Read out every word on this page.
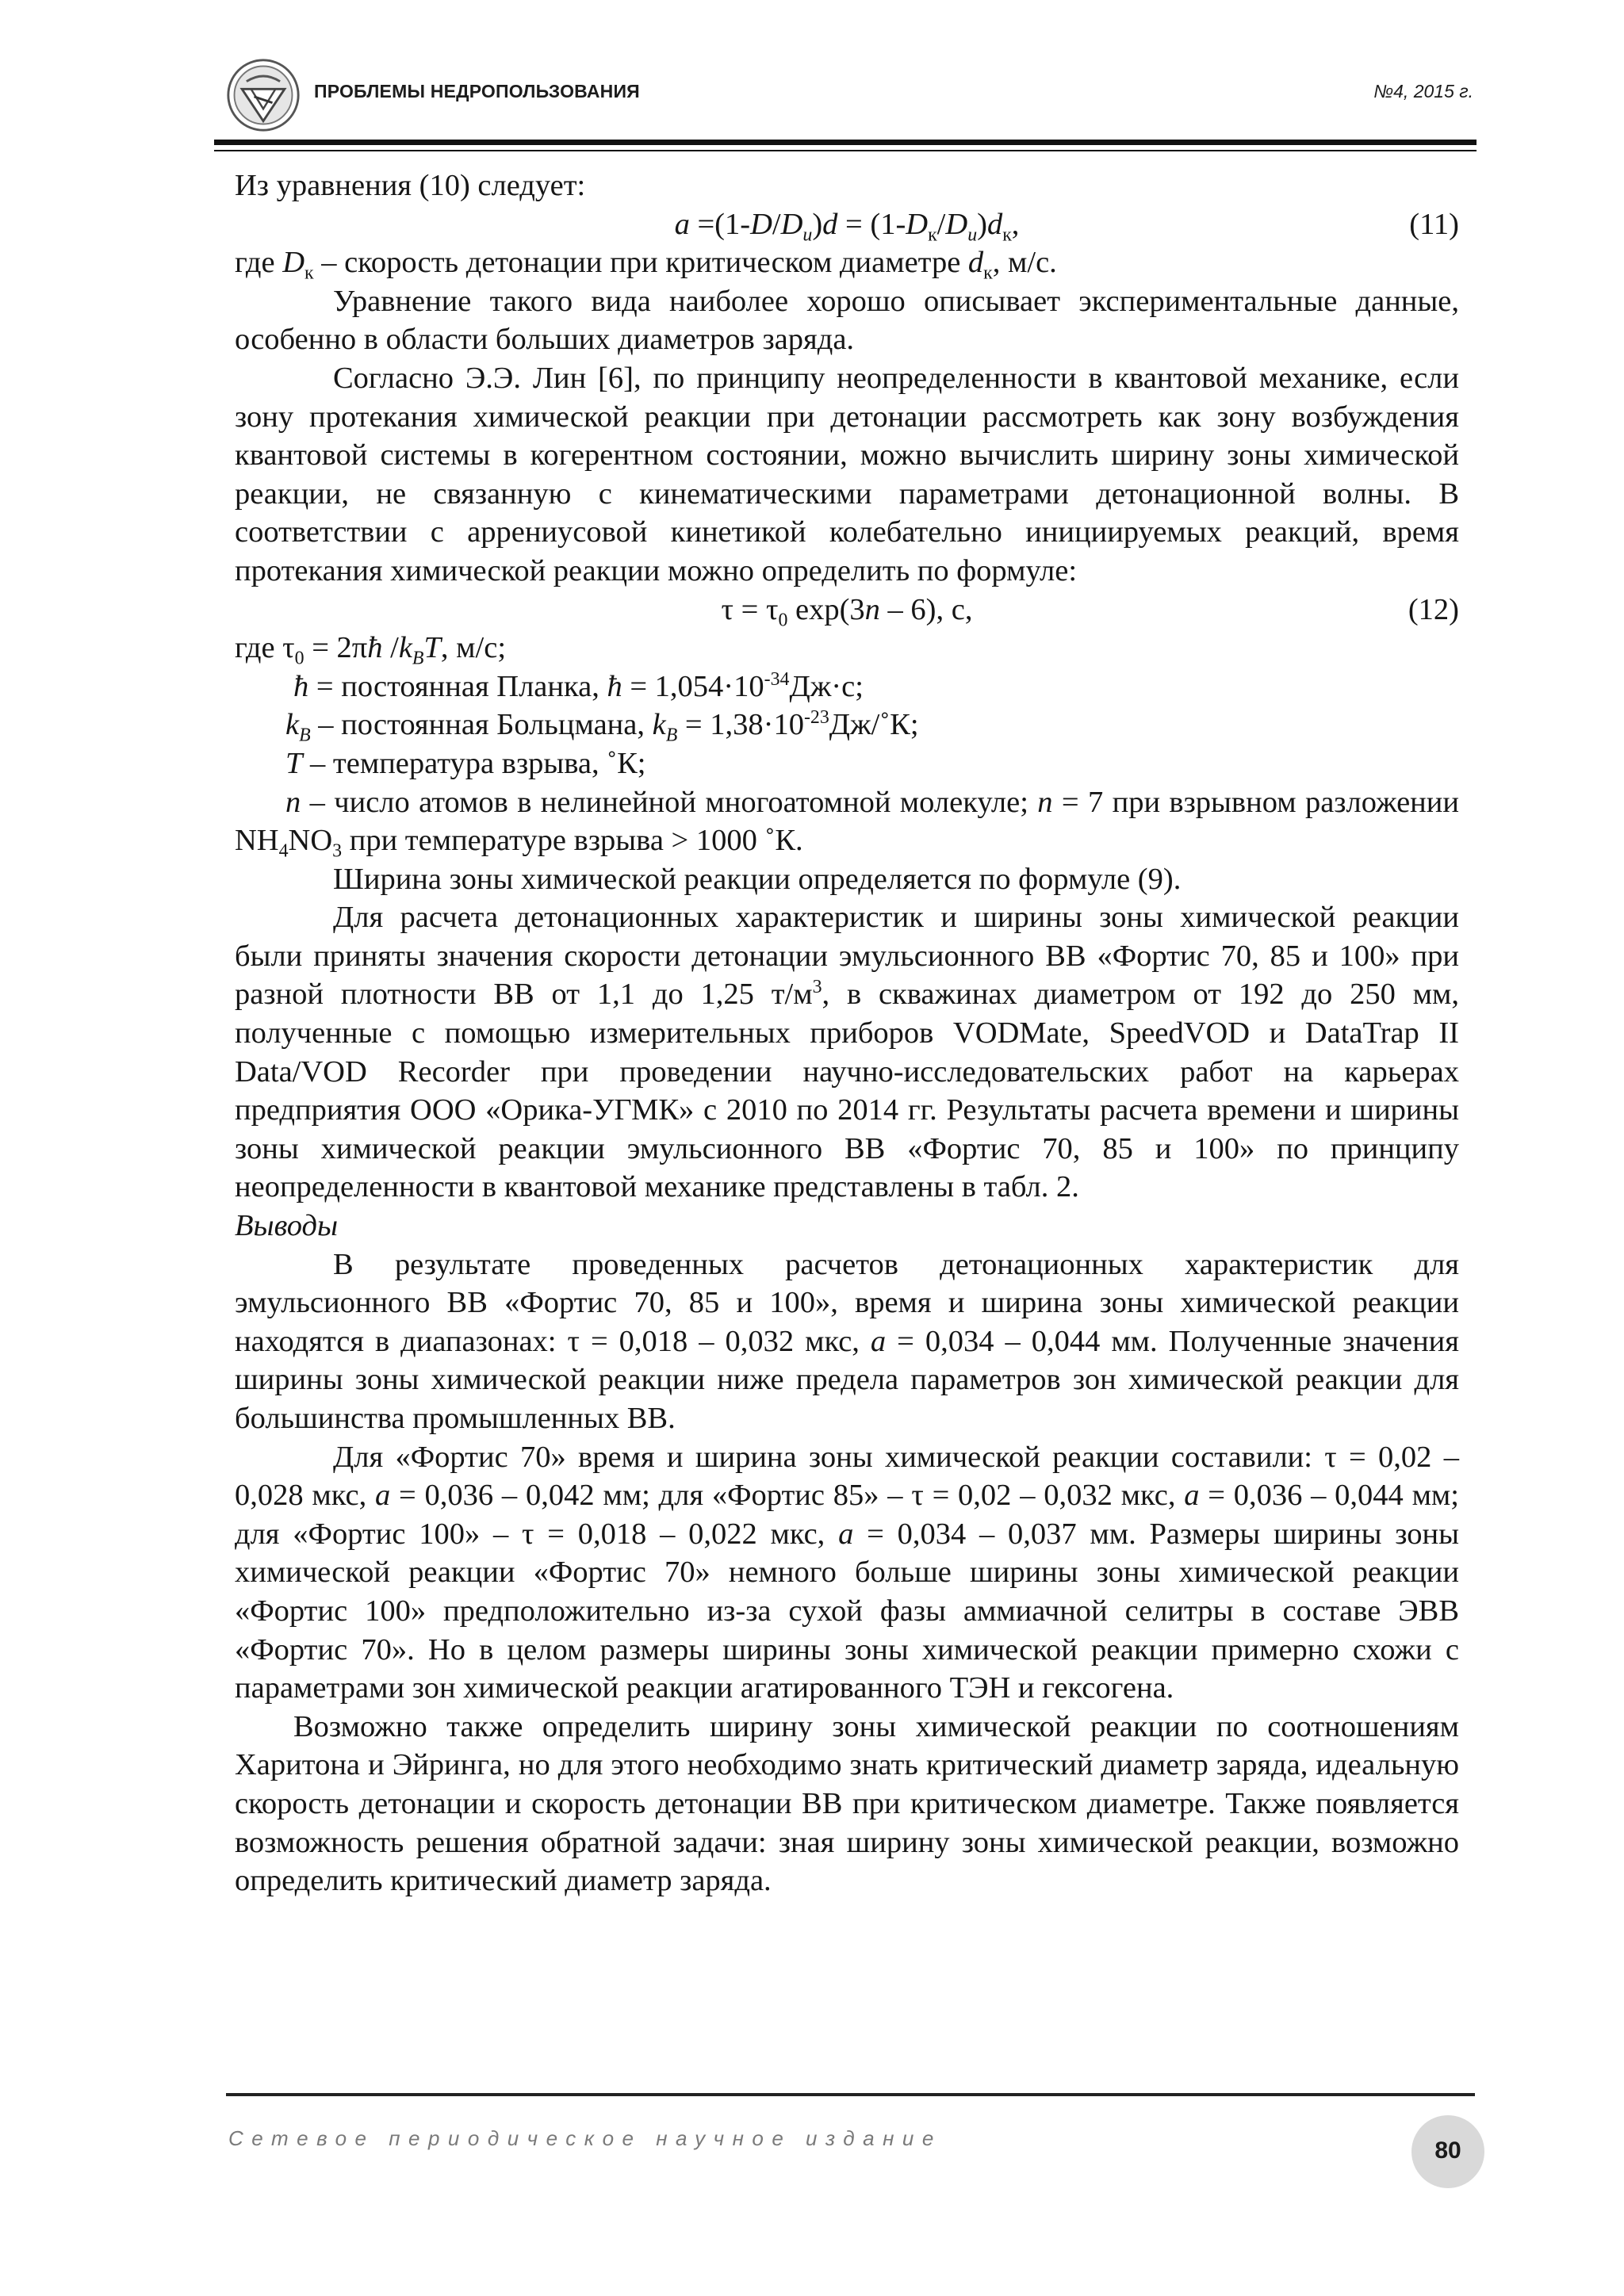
ПРОБЛЕМЫ НЕДРОПОЛЬЗОВАНИЯ	№4, 2015 г.

Из уравнения (10) следует:

$a =(1-D/D_u)d = (1-D_к/D_u)d_к$,	(11)

где $D_к$ – скорость детонации при критическом диаметре $d_к$, м/с.

Уравнение такого вида наиболее хорошо описывает экспериментальные данные, особенно в области больших диаметров заряда.

Согласно Э.Э. Лин [6], по принципу неопределенности в квантовой механике, если зону протекания химической реакции при детонации рассмотреть как зону возбуждения квантовой системы в когерентном состоянии, можно вычислить ширину зоны химической реакции, не связанную с кинематическими параметрами детонационной волны. В соответствии с аррениусовой кинетикой колебательно инициируемых реакций, время протекания химической реакции можно определить по формуле:

$\tau = \tau_0$ exp(3n – 6), с,	(12)

где $\tau_0$ = 2πħ $/k_BT$, м/с;

ħ = постоянная Планка, ħ = $1,054\cdot 10^{-34}Дж\cdot с$;

$k_B$ – постоянная Больцмана, $k_B$ = $1,38\cdot 10^{-23}Дж/˚К$;

T – температура взрыва, ˚К;

n – число атомов в нелинейной многоатомной молекуле; n = 7 при взрывном разложении $NH_4NO_3$ при температуре взрыва > 1000 ˚К.

Ширина зоны химической реакции определяется по формуле (9).

Для расчета детонационных характеристик и ширины зоны химической реакции были приняты значения скорости детонации эмульсионного ВВ «Фортис 70, 85 и 100» при разной плотности ВВ от 1,1 до 1,25 $т/м^3$, в скважинах диаметром от 192 до 250 мм, полученные с помощью измерительных приборов VODMate, SpeedVOD и DataTrap II Data/VOD Recorder при проведении научно-исследовательских работ на карьерах предприятия ООО «Орика-УГМК» с 2010 по 2014 гг. Результаты расчета времени и ширины зоны химической реакции эмульсионного ВВ «Фортис 70, 85 и 100» по принципу неопределенности в квантовой механике представлены в табл. 2.

Выводы

В результате проведенных расчетов детонационных характеристик для эмульсионного ВВ «Фортис 70, 85 и 100», время и ширина зоны химической реакции находятся в диапазонах: τ = 0,018 – 0,032 мкс, a = 0,034 – 0,044 мм. Полученные значения ширины зоны химической реакции ниже предела параметров зон химической реакции для большинства промышленных ВВ.

Для «Фортис 70» время и ширина зоны химической реакции составили: τ = 0,02 – 0,028 мкс, a = 0,036 – 0,042 мм; для «Фортис 85» – τ = 0,02 – 0,032 мкс, a = 0,036 – 0,044 мм; для «Фортис 100» – τ = 0,018 – 0,022 мкс, a = 0,034 – 0,037 мм. Размеры ширины зоны химической реакции «Фортис 70» немного больше ширины зоны химической реакции «Фортис 100» предположительно из-за сухой фазы аммиачной селитры в составе ЭВВ «Фортис 70». Но в целом размеры ширины зоны химической реакции примерно схожи с параметрами зон химической реакции агатированного ТЭН и гексогена.

Возможно также определить ширину зоны химической реакции по соотношениям Харитона и Эйринга, но для этого необходимо знать критический диаметр заряда, идеальную скорость детонации и скорость детонации ВВ при критическом диаметре. Также появляется возможность решения обратной задачи: зная ширину зоны химической реакции, возможно определить критический диаметр заряда.

Сетевое периодическое научное издание	80
